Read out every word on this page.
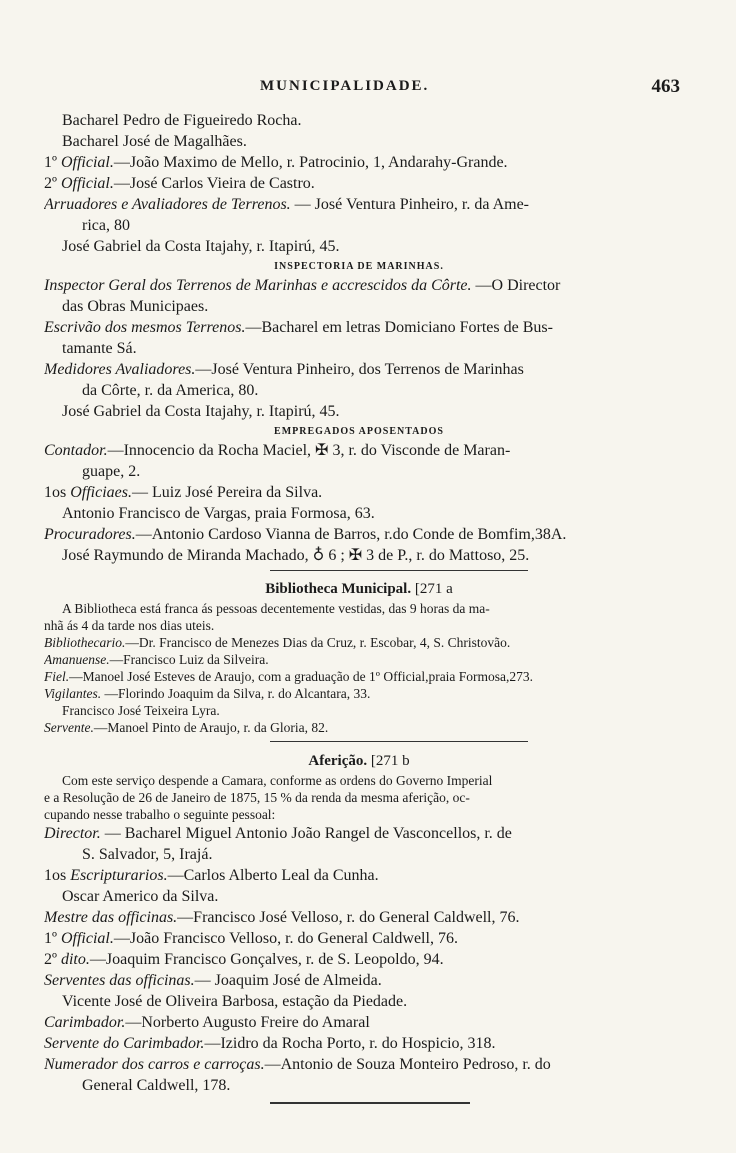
MUNICIPALIDADE.	463
Bacharel Pedro de Figueiredo Rocha.
Bacharel José de Magalhães.
1º Official.—João Maximo de Mello, r. Patrocinio, 1, Andarahy-Grande.
2º Official.—José Carlos Vieira de Castro.
Arruadores e Avaliadores de Terrenos. — José Ventura Pinheiro, r. da Ame-
rica, 80
José Gabriel da Costa Itajahy, r. Itapirú, 45.
INSPECTORIA DE MARINHAS.
Inspector Geral dos Terrenos de Marinhas e accrescidos da Côrte. —O Director
das Obras Municipaes.
Escrivão dos mesmos Terrenos.—Bacharel em letras Domiciano Fortes de Bus-
tamante Sá.
Medidores Avaliadores.—José Ventura Pinheiro, dos Terrenos de Marinhas
da Côrte, r. da America, 80.
José Gabriel da Costa Itajahy, r. Itapirú, 45.
EMPREGADOS APOSENTADOS
Contador.—Innocencio da Rocha Maciel, ✠ 3, r. do Visconde de Maran-
guape, 2.
1os Officiaes.— Luiz José Pereira da Silva.
Antonio Francisco de Vargas, praia Formosa, 63.
Procuradores.—Antonio Cardoso Vianna de Barros, r.do Conde de Bomfim,38A.
José Raymundo de Miranda Machado, ♁ 6 ; ✠ 3 de P., r. do Mattoso, 25.
Bibliotheca Municipal. [271 a
A Bibliotheca está franca ás pessoas decentemente vestidas, das 9 horas da ma-
nhã ás 4 da tarde nos dias uteis.
Bibliothecario.—Dr. Francisco de Menezes Dias da Cruz, r. Escobar, 4, S. Christovão.
Amanuense.—Francisco Luiz da Silveira.
Fiel.—Manoel José Esteves de Araujo, com a graduação de 1º Official,praia Formosa,273.
Vigilantes. —Florindo Joaquim da Silva, r. do Alcantara, 33.
Francisco José Teixeira Lyra.
Servente.—Manoel Pinto de Araujo, r. da Gloria, 82.
Aferição. [271 b
Com este serviço despende a Camara, conforme as ordens do Governo Imperial
e a Resolução de 26 de Janeiro de 1875, 15 % da renda da mesma aferição, oc-
cupando nesse trabalho o seguinte pessoal:
Director. — Bacharel Miguel Antonio João Rangel de Vasconcellos, r. de
S. Salvador, 5, Irajá.
1os Escripturarios.—Carlos Alberto Leal da Cunha.
Oscar Americo da Silva.
Mestre das officinas.—Francisco José Velloso, r. do General Caldwell, 76.
1º Official.—João Francisco Velloso, r. do General Caldwell, 76.
2º dito.—Joaquim Francisco Gonçalves, r. de S. Leopoldo, 94.
Serventes das officinas.— Joaquim José de Almeida.
Vicente José de Oliveira Barbosa, estação da Piedade.
Carimbador.—Norberto Augusto Freire do Amaral
Servente do Carimbador.—Izidro da Rocha Porto, r. do Hospicio, 318.
Numerador dos carros e carroças.—Antonio de Souza Monteiro Pedroso, r. do
General Caldwell, 178.
